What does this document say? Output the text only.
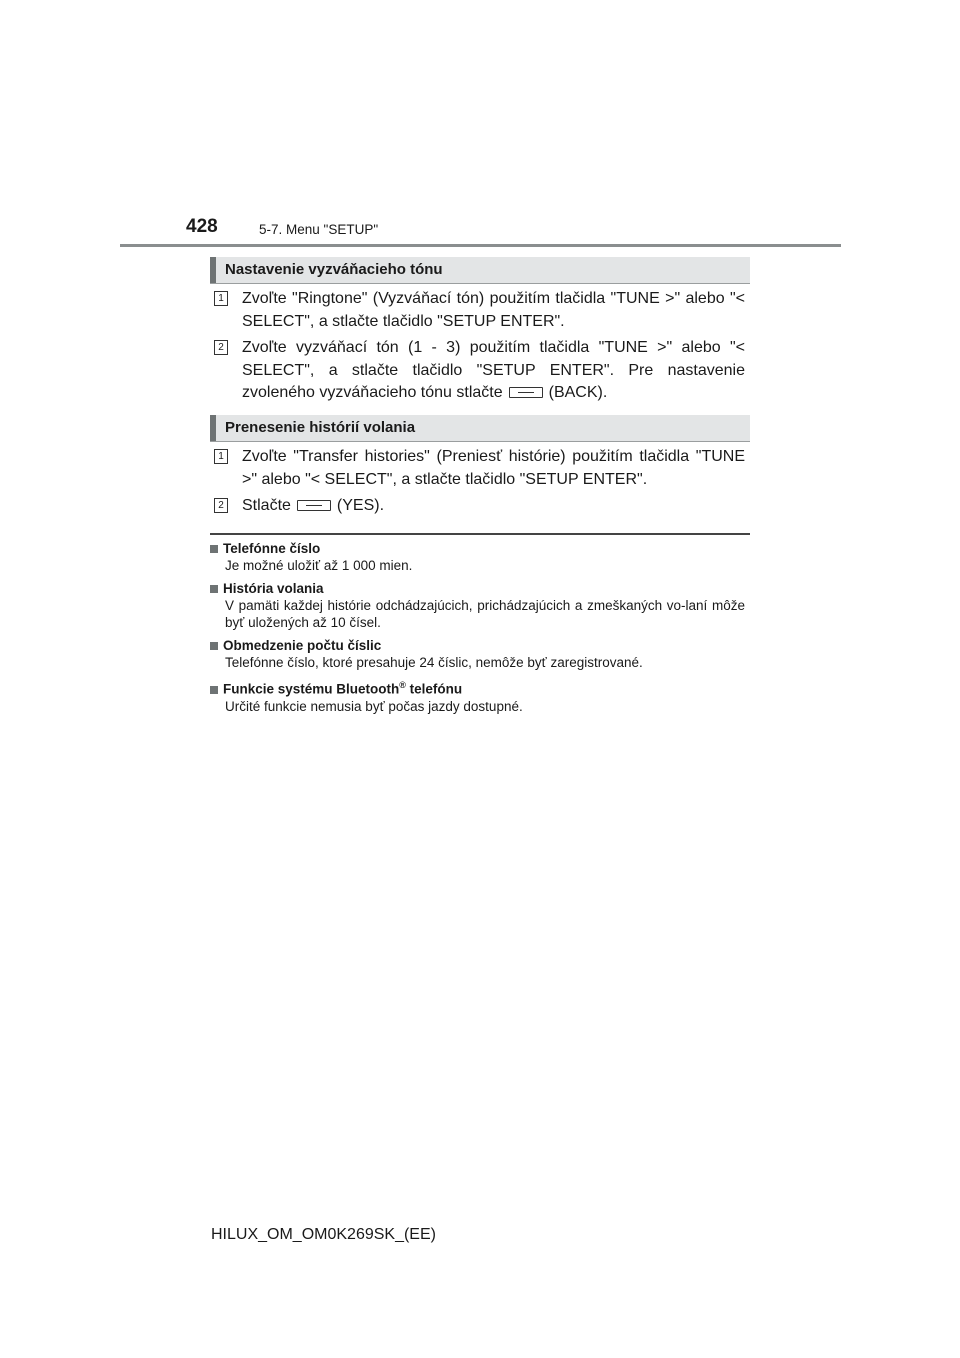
428	5-7. Menu "SETUP"
Nastavenie vyzváňacieho tónu
1 Zvoľte "Ringtone" (Vyzváňací tón) použitím tlačidla "TUNE >" alebo "< SELECT", a stlačte tlačidlo "SETUP ENTER".
2 Zvoľte vyzváňací tón (1 - 3) použitím tlačidla "TUNE >" alebo "< SELECT", a stlačte tlačidlo "SETUP ENTER". Pre nastavenie zvoleného vyzváňacieho tónu stlačte	(BACK).
Prenesenie histórií volania
1 Zvoľte "Transfer histories" (Preniesť histórie) použitím tlačidla "TUNE >" alebo "< SELECT", a stlačte tlačidlo "SETUP ENTER".
2 Stlačte	(YES).
Telefónne číslo
Je možné uložiť až 1 000 mien.
História volania
V pamäti každej histórie odchádzajúcich, prichádzajúcich a zmeškaných vo-laní môže byť uložených až 10 čísel.
Obmedzenie počtu číslic
Telefónne číslo, ktoré presahuje 24 číslic, nemôže byť zaregistrované.
Funkcie systému Bluetooth® telefónu
Určité funkcie nemusia byť počas jazdy dostupné.
HILUX_OM_OM0K269SK_(EE)
